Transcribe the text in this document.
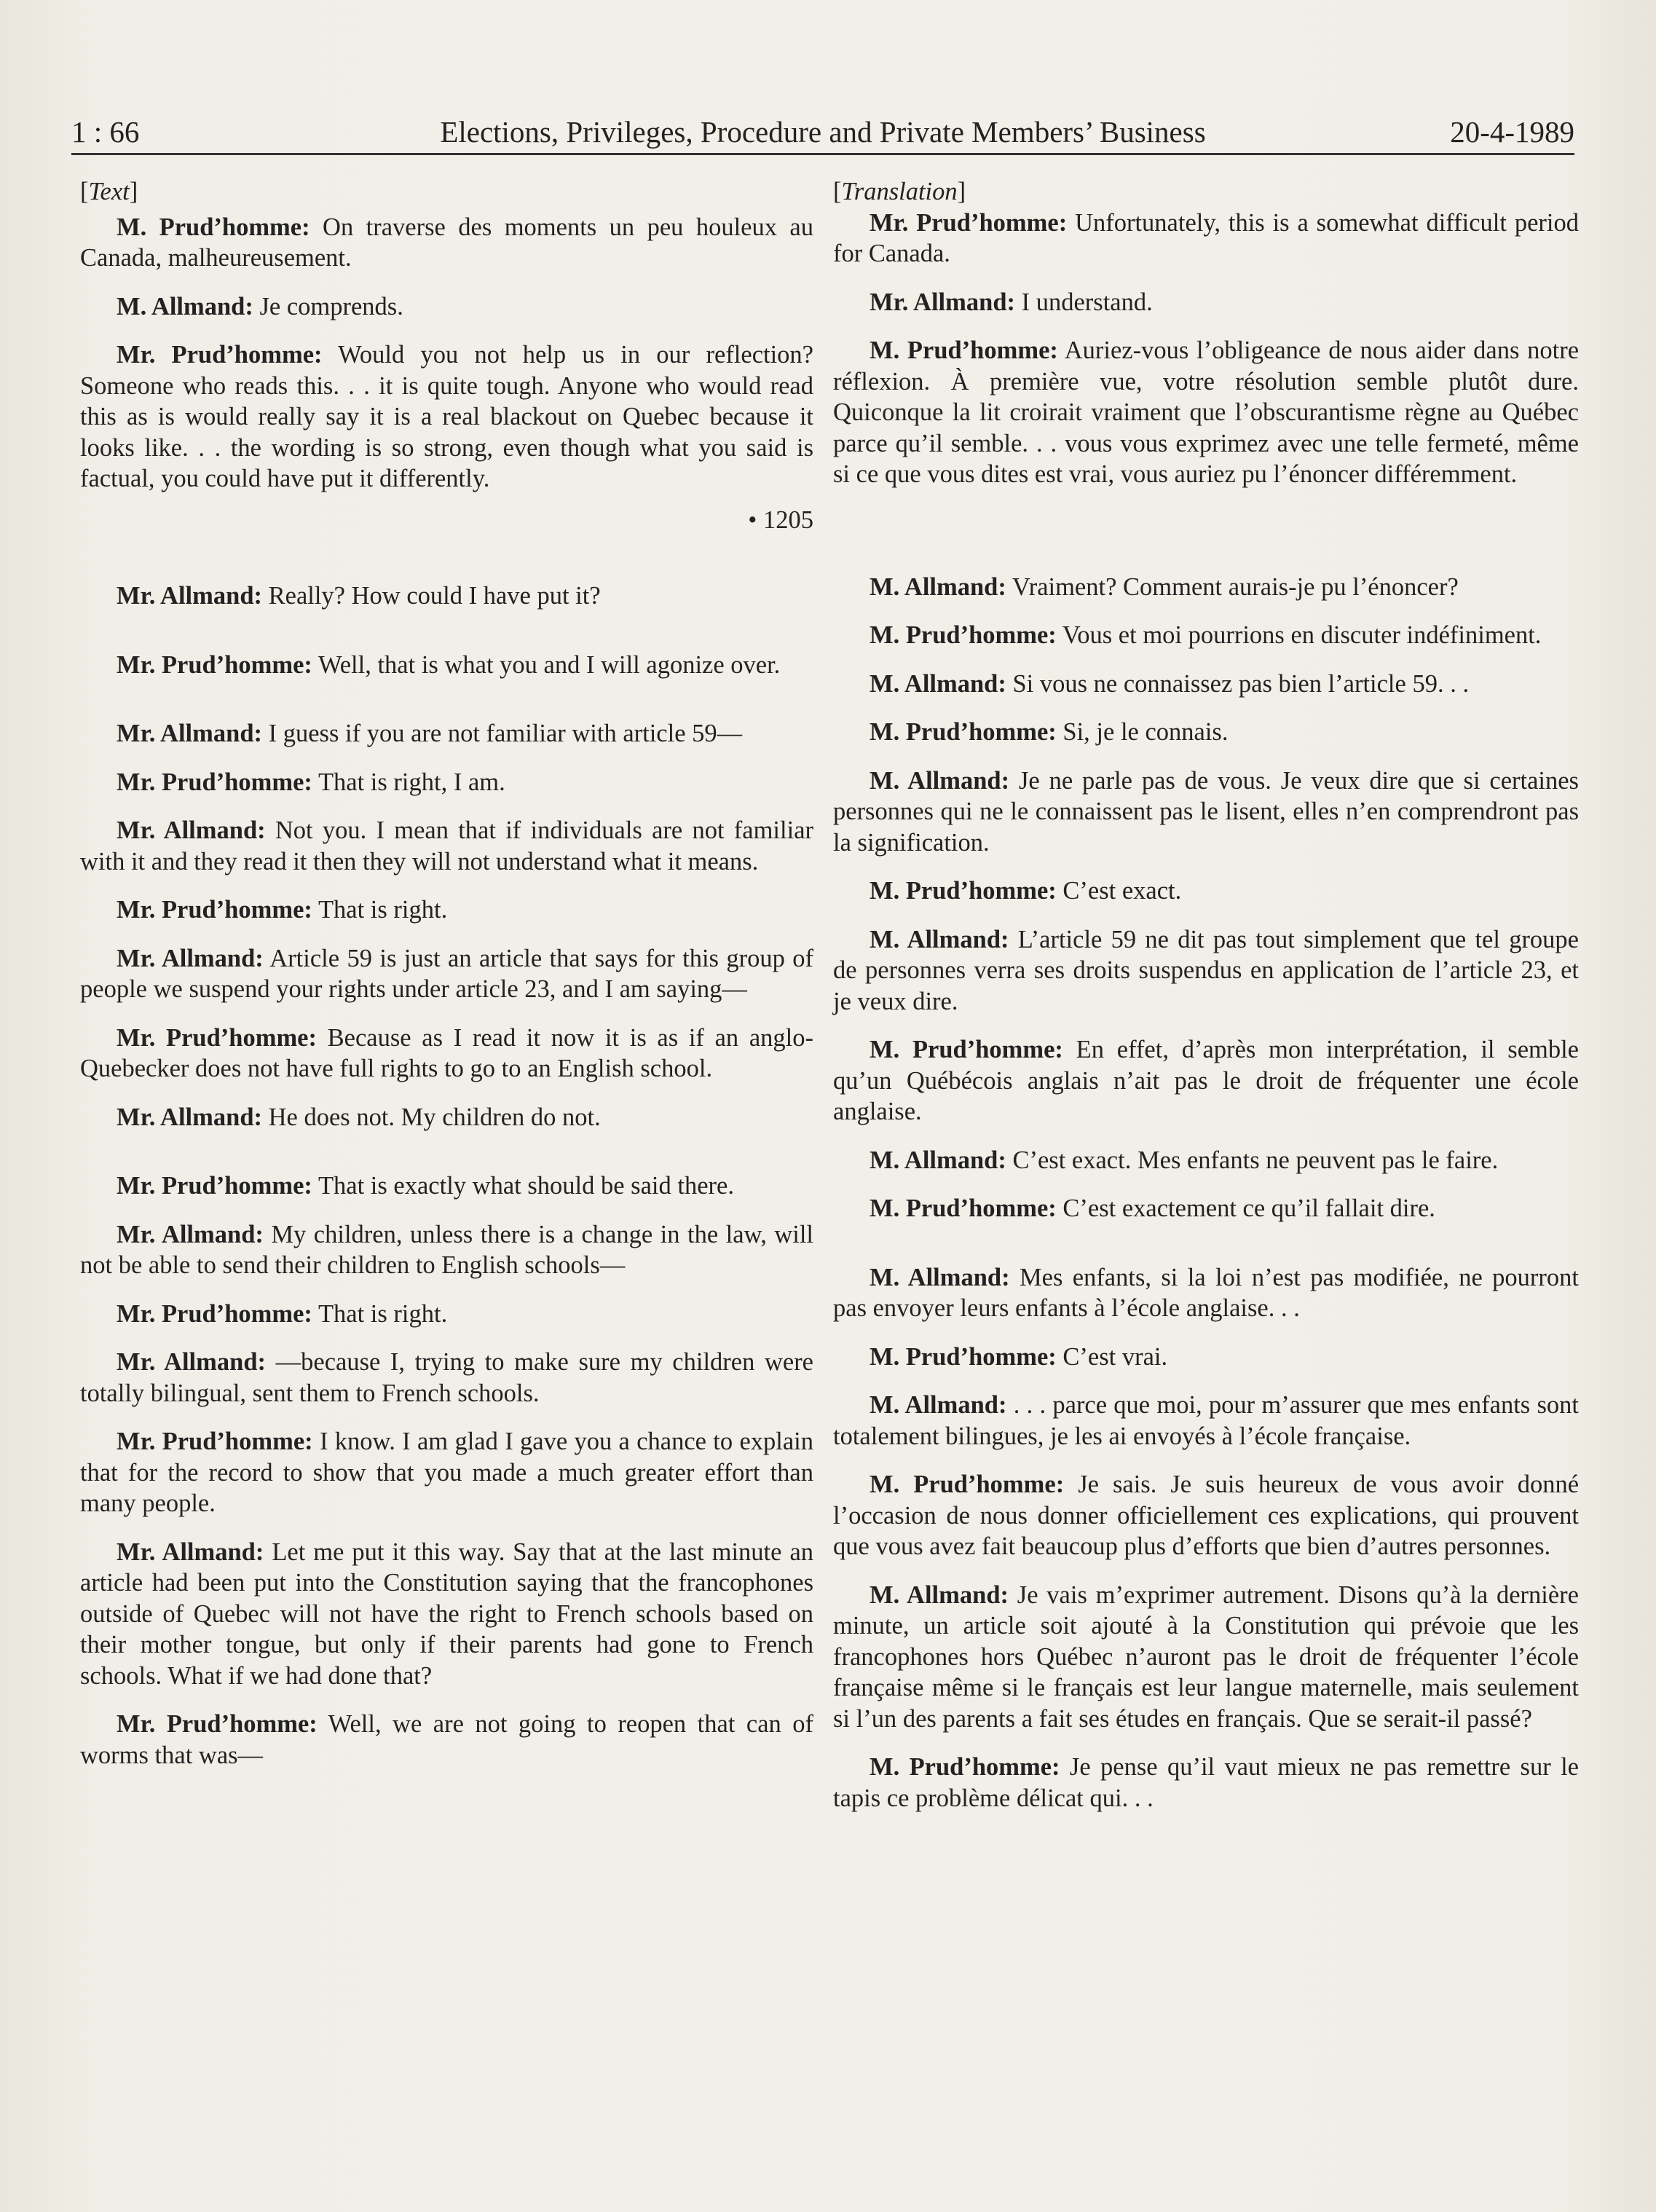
1 : 66	Elections, Privileges, Procedure and Private Members’ Business	20-4-1989

[Text]

M. Prud’homme: On traverse des moments un peu houleux au Canada, malheureusement.

M. Allmand: Je comprends.

Mr. Prud’homme: Would you not help us in our reflection? Someone who reads this. . . it is quite tough. Anyone who would read this as is would really say it is a real blackout on Quebec because it looks like. . . the wording is so strong, even though what you said is factual, you could have put it differently.

• 1205

Mr. Allmand: Really? How could I have put it?

Mr. Prud’homme: Well, that is what you and I will agonize over.

Mr. Allmand: I guess if you are not familiar with article 59—

Mr. Prud’homme: That is right, I am.

Mr. Allmand: Not you. I mean that if individuals are not familiar with it and they read it then they will not understand what it means.

Mr. Prud’homme: That is right.

Mr. Allmand: Article 59 is just an article that says for this group of people we suspend your rights under article 23, and I am saying—

Mr. Prud’homme: Because as I read it now it is as if an anglo-Quebecker does not have full rights to go to an English school.

Mr. Allmand: He does not. My children do not.

Mr. Prud’homme: That is exactly what should be said there.

Mr. Allmand: My children, unless there is a change in the law, will not be able to send their children to English schools—

Mr. Prud’homme: That is right.

Mr. Allmand: —because I, trying to make sure my children were totally bilingual, sent them to French schools.

Mr. Prud’homme: I know. I am glad I gave you a chance to explain that for the record to show that you made a much greater effort than many people.

Mr. Allmand: Let me put it this way. Say that at the last minute an article had been put into the Constitution saying that the francophones outside of Quebec will not have the right to French schools based on their mother tongue, but only if their parents had gone to French schools. What if we had done that?

Mr. Prud’homme: Well, we are not going to reopen that can of worms that was—

[Translation]

Mr. Prud’homme: Unfortunately, this is a somewhat difficult period for Canada.

Mr. Allmand: I understand.

M. Prud’homme: Auriez-vous l’obligeance de nous aider dans notre réflexion. À première vue, votre résolution semble plutôt dure. Quiconque la lit croirait vraiment que l’obscurantisme règne au Québec parce qu’il semble. . . vous vous exprimez avec une telle fermeté, même si ce que vous dites est vrai, vous auriez pu l’énoncer différemment.

M. Allmand: Vraiment? Comment aurais-je pu l’énoncer?

M. Prud’homme: Vous et moi pourrions en discuter indéfiniment.

M. Allmand: Si vous ne connaissez pas bien l’article 59. . .

M. Prud’homme: Si, je le connais.

M. Allmand: Je ne parle pas de vous. Je veux dire que si certaines personnes qui ne le connaissent pas le lisent, elles n’en comprendront pas la signification.

M. Prud’homme: C’est exact.

M. Allmand: L’article 59 ne dit pas tout simplement que tel groupe de personnes verra ses droits suspendus en application de l’article 23, et je veux dire.

M. Prud’homme: En effet, d’après mon interprétation, il semble qu’un Québécois anglais n’ait pas le droit de fréquenter une école anglaise.

M. Allmand: C’est exact. Mes enfants ne peuvent pas le faire.

M. Prud’homme: C’est exactement ce qu’il fallait dire.

M. Allmand: Mes enfants, si la loi n’est pas modifiée, ne pourront pas envoyer leurs enfants à l’école anglaise. . .

M. Prud’homme: C’est vrai.

M. Allmand: . . . parce que moi, pour m’assurer que mes enfants sont totalement bilingues, je les ai envoyés à l’école française.

M. Prud’homme: Je sais. Je suis heureux de vous avoir donné l’occasion de nous donner officiellement ces explications, qui prouvent que vous avez fait beaucoup plus d’efforts que bien d’autres personnes.

M. Allmand: Je vais m’exprimer autrement. Disons qu’à la dernière minute, un article soit ajouté à la Constitution qui prévoie que les francophones hors Québec n’auront pas le droit de fréquenter l’école française même si le français est leur langue maternelle, mais seulement si l’un des parents a fait ses études en français. Que se serait-il passé?

M. Prud’homme: Je pense qu’il vaut mieux ne pas remettre sur le tapis ce problème délicat qui. . .
